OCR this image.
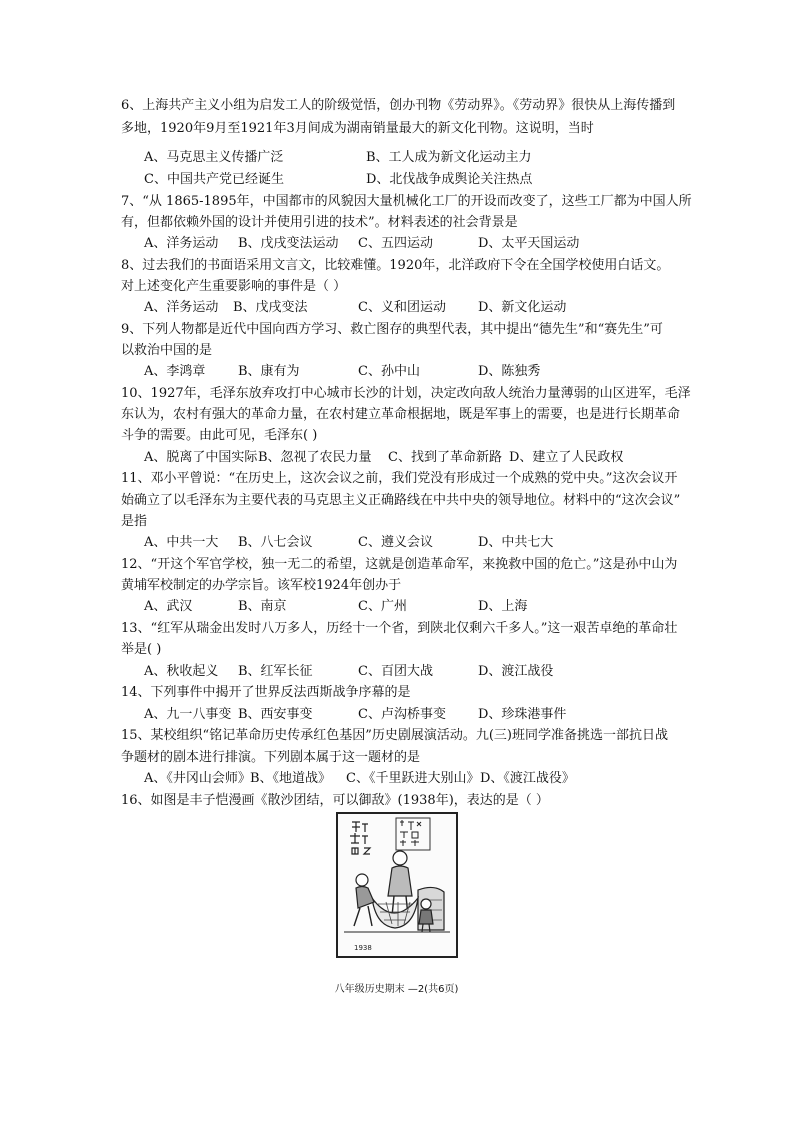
6、上海共产主义小组为启发工人的阶级觉悟，创办刊物《劳动界》。《劳动界》很快从上海传播到
多地，1920年9月至1921年3月间成为湖南销量最大的新文化刊物。这说明，当时
A、马克思主义传播广泛	B、工人成为新文化运动主力
C、中国共产党已经诞生	D、北伐战争成舆论关注热点
7、“从 1865-1895年，中国都市的风貌因大量机械化工厂的开设而改变了，这些工厂都为中国人所
有，但都依赖外国的设计并使用引进的技术”。材料表述的社会背景是
A、洋务运动 B、戊戌变法运动 C、五四运动	D、太平天国运动
8、过去我们的书面语采用文言文，比较难懂。1920年，北洋政府下令在全国学校使用白话文。
对上述变化产生重要影响的事件是（ ）
A、洋务运动 B、戊戌变法	C、义和团运动 D、新文化运动
9、下列人物都是近代中国向西方学习、救亡图存的典型代表，其中提出“德先生”和“赛先生”可
以救治中国的是
A、李鸿章	B、康有为	C、孙中山	D、陈独秀
10、1927年，毛泽东放弃攻打中心城市长沙的计划，决定改向敌人统治力量薄弱的山区进军，毛泽
东认为，农村有强大的革命力量，在农村建立革命根据地，既是军事上的需要，也是进行长期革命
斗争的需要。由此可见，毛泽东( )
A、脱离了中国实际 B、忽视了农民力量 C、找到了革命新路 D、建立了人民政权
11、邓小平曾说：“在历史上，这次会议之前，我们党没有形成过一个成熟的党中央。”这次会议开
始确立了以毛泽东为主要代表的马克思主义正确路线在中共中央的领导地位。材料中的“这次会议”
是指
A、中共一大 B、八七会议	C、遵义会议	D、中共七大
12、“开这个军官学校，独一无二的希望，这就是创造革命军，来挽救中国的危亡。”这是孙中山为
黄埔军校制定的办学宗旨。该军校1924年创办于
A、武汉	B、南京	C、广州	D、上海
13、“红军从瑞金出发时八万多人，历经十一个省，到陕北仅剩六千多人。”这一艰苦卓绝的革命壮
举是( )
A、秋收起义 B、红军长征	C、百团大战	D、渡江战役
14、下列事件中揭开了世界反法西斯战争序幕的是
A、九一八事变 B、西安事变	C、卢沟桥事变 D、珍珠港事件
15、某校组织“铭记革命历史传承红色基因”历史剧展演活动。九(三)班同学准备挑选一部抗日战
争题材的剧本进行排演。下列剧本属于这一题材的是
A、《井冈山会师》 B、《地道战》 C、《千里跃进大别山》 D、《渡江战役》
16、如图是丰子恺漫画《散沙团结，可以御敌》(1938年)，表达的是（ ）
1938
八年级历史期末 —2(共6页)
